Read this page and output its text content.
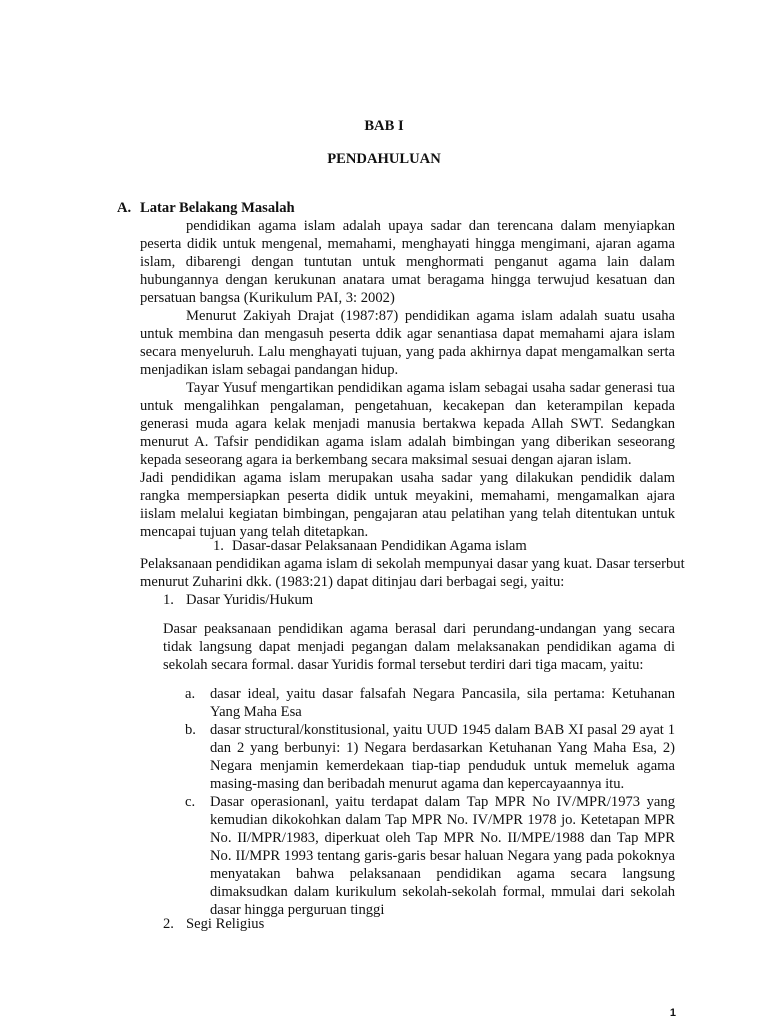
BAB I
PENDAHULUAN
A. Latar Belakang Masalah

pendidikan agama islam adalah upaya sadar dan terencana dalam menyiapkan peserta didik untuk mengenal, memahami, menghayati hingga mengimani, ajaran agama islam, dibarengi dengan tuntutan untuk menghormati penganut agama lain dalam hubungannya dengan kerukunan anatara umat beragama hingga terwujud kesatuan dan persatuan bangsa (Kurikulum PAI, 3: 2002)

Menurut Zakiyah Drajat (1987:87) pendidikan agama islam adalah suatu usaha untuk membina dan mengasuh peserta ddik agar senantiasa dapat memahami ajara islam secara menyeluruh. Lalu menghayati tujuan, yang pada akhirnya dapat mengamalkan serta menjadikan islam sebagai pandangan hidup.

Tayar Yusuf mengartikan pendidikan agama islam sebagai usaha sadar generasi tua untuk mengalihkan pengalaman, pengetahuan, kecakepan dan keterampilan kepada generasi muda agara kelak menjadi manusia bertakwa kepada Allah SWT. Sedangkan menurut A. Tafsir pendidikan agama islam adalah bimbingan yang diberikan seseorang kepada seseorang agara ia berkembang secara maksimal sesuai dengan ajaran islam.

Jadi pendidikan agama islam merupakan usaha sadar yang dilakukan pendidik dalam rangka mempersiapkan peserta didik untuk meyakini, memahami, mengamalkan ajara iislam melalui kegiatan bimbingan, pengajaran atau pelatihan yang telah ditentukan untuk mencapai tujuan yang telah ditetapkan.

1. Dasar-dasar Pelaksanaan Pendidikan Agama islam
Pelaksanaan pendidikan agama islam di sekolah mempunyai dasar yang kuat. Dasar terserbut
menurut Zuharini dkk. (1983:21) dapat ditinjau dari berbagai segi, yaitu:
1. Dasar Yuridis/Hukum
Dasar peaksanaan pendidikan agama berasal dari perundang-undangan yang secara tidak langsung dapat menjadi pegangan dalam melaksanakan pendidikan agama di sekolah secara formal. dasar Yuridis formal tersebut terdiri dari tiga macam, yaitu:
a. dasar ideal, yaitu dasar falsafah Negara Pancasila, sila pertama: Ketuhanan Yang Maha Esa
b. dasar structural/konstitusional, yaitu UUD 1945 dalam BAB XI pasal 29 ayat 1 dan 2 yang berbunyi: 1) Negara berdasarkan Ketuhanan Yang Maha Esa, 2) Negara menjamin kemerdekaan tiap-tiap penduduk untuk memeluk agama masing-masing dan beribadah menurut agama dan kepercayaannya itu.
c. Dasar operasionanl, yaitu terdapat dalam Tap MPR No IV/MPR/1973 yang kemudian dikokohkan dalam Tap MPR No. IV/MPR 1978 jo. Ketetapan MPR No. II/MPR/1983, diperkuat oleh Tap MPR No. II/MPE/1988 dan Tap MPR No. II/MPR 1993 tentang garis-garis besar haluan Negara yang pada pokoknya menyatakan bahwa pelaksanaan pendidikan agama secara langsung dimaksudkan dalam kurikulum sekolah-sekolah formal, mmulai dari sekolah dasar hingga perguruan tinggi
2. Segi Religius
1
